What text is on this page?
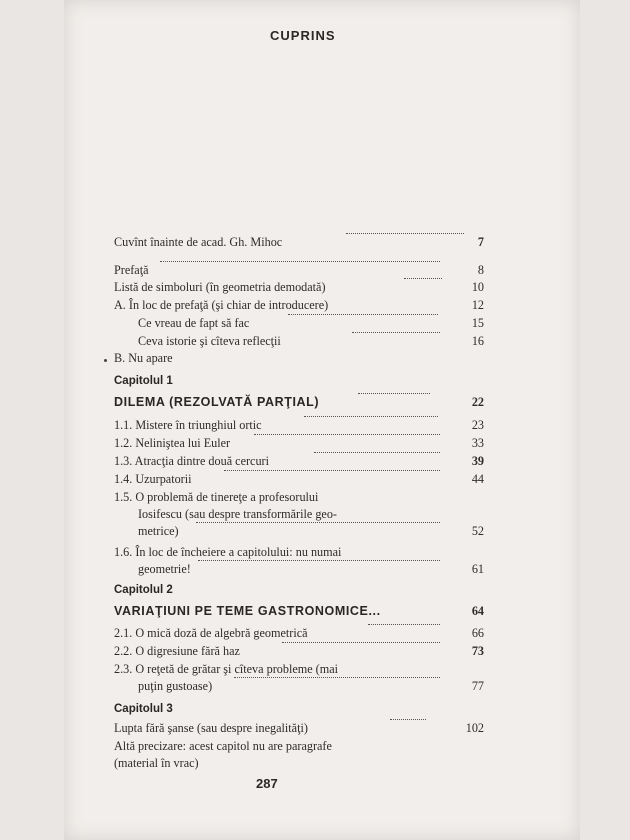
CUPRINS
Cuvînt înainte de acad. Gh. Mihoc	7
Prefaţă	8
Listă de simboluri (în geometria demodată)	10
A. În loc de prefaţă (şi chiar de introducere)	12
Ce vreau de fapt să fac	15
Ceva istorie şi cîteva reflecţii	16
B. Nu apare
Capitolul 1
DILEMA (REZOLVATĂ PARŢIAL)	22
1.1. Mistere în triunghiul ortic	23
1.2. Neliniştea lui Euler	33
1.3. Atracţia dintre două cercuri	39
1.4. Uzurpatorii	44
1.5. O problemă de tinereţe a profesorului
Iosifescu (sau despre transformările geo-
metrice)	52
1.6. În loc de încheiere a capitolului: nu numai
geometrie!	61
Capitolul 2
VARIAŢIUNI PE TEME GASTRONOMICE...	64
2.1. O mică doză de algebră geometrică	66
2.2. O digresiune fără haz	73
2.3. O reţetă de grătar şi cîteva probleme (mai
puţin gustoase)	77
Capitolul 3
Lupta fără şanse (sau despre inegalităţi)	102
Altă precizare: acest capitol nu are paragrafe
(material în vrac)
287
